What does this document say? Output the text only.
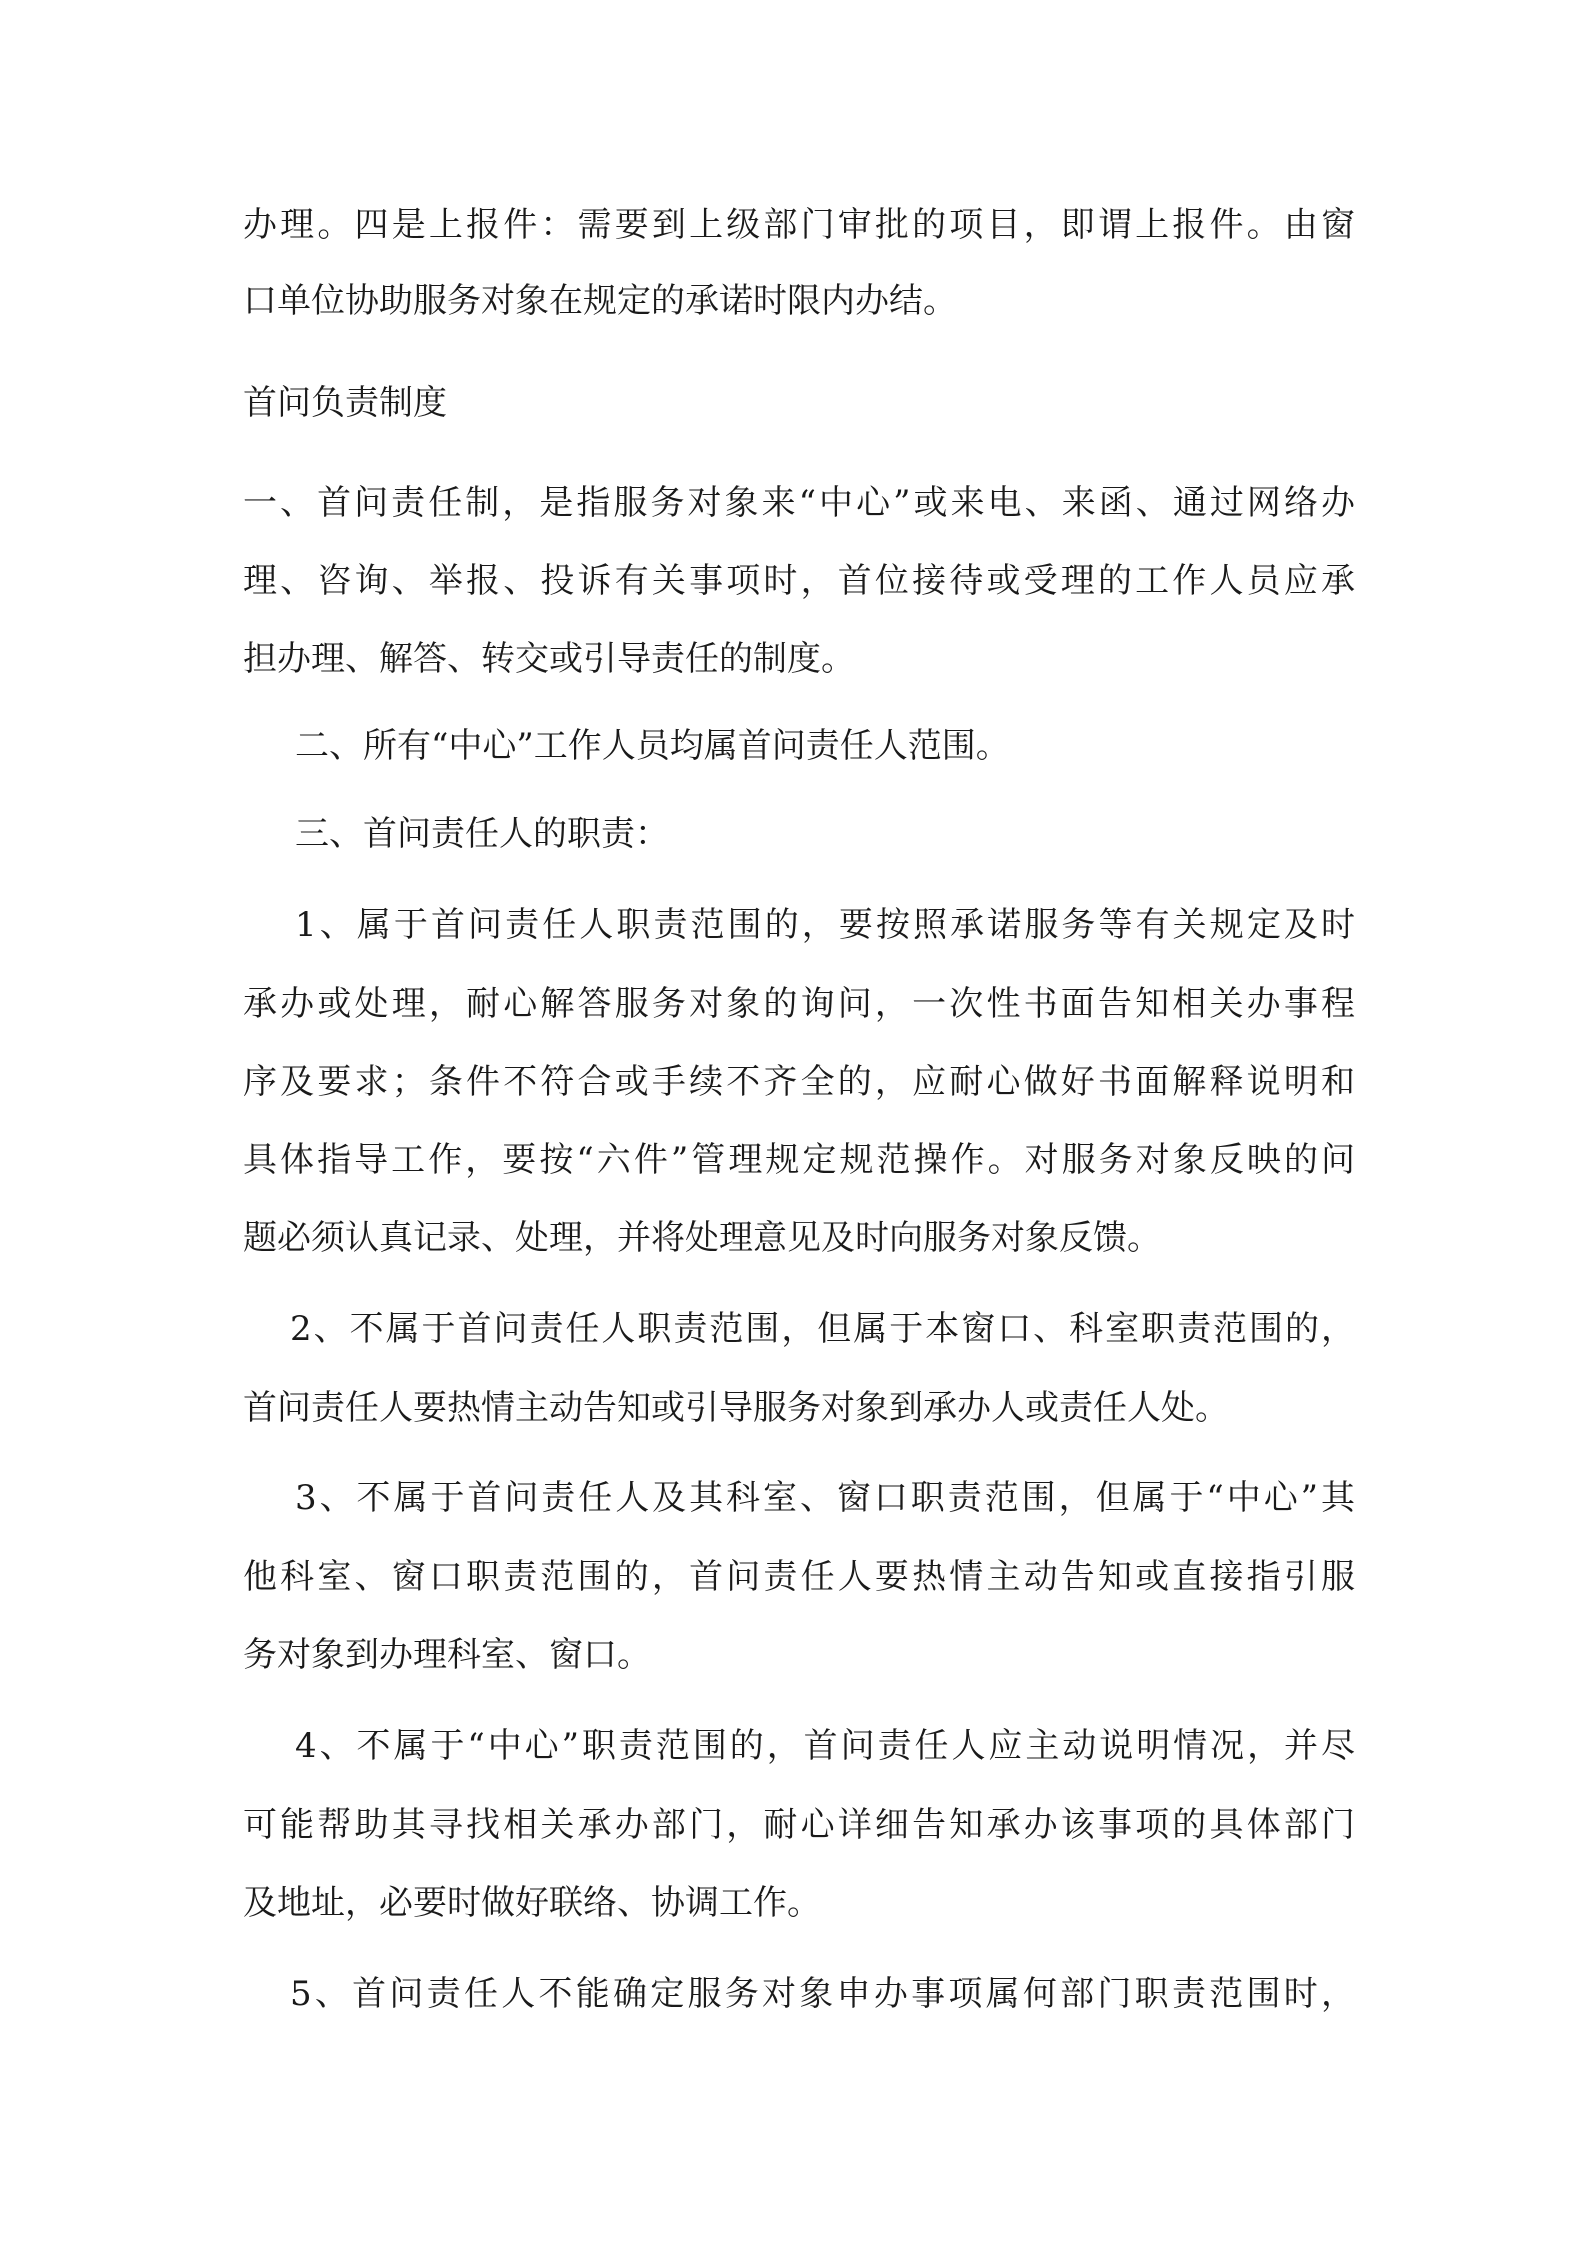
办理。四是上报件：需要到上级部门审批的项目，即谓上报件。由窗
口单位协助服务对象在规定的承诺时限内办结。
首问负责制度
一、首问责任制，是指服务对象来“中心”或来电、来函、通过网络办
理、咨询、举报、投诉有关事项时，首位接待或受理的工作人员应承
担办理、解答、转交或引导责任的制度。
二、所有“中心”工作人员均属首问责任人范围。
三、首问责任人的职责：
1、属于首问责任人职责范围的，要按照承诺服务等有关规定及时
承办或处理，耐心解答服务对象的询问，一次性书面告知相关办事程
序及要求；条件不符合或手续不齐全的，应耐心做好书面解释说明和
具体指导工作，要按“六件”管理规定规范操作。对服务对象反映的问
题必须认真记录、处理，并将处理意见及时向服务对象反馈。
2、不属于首问责任人职责范围，但属于本窗口、科室职责范围的，
首问责任人要热情主动告知或引导服务对象到承办人或责任人处。
3、不属于首问责任人及其科室、窗口职责范围，但属于“中心”其
他科室、窗口职责范围的，首问责任人要热情主动告知或直接指引服
务对象到办理科室、窗口。
4、不属于“中心”职责范围的，首问责任人应主动说明情况，并尽
可能帮助其寻找相关承办部门，耐心详细告知承办该事项的具体部门
及地址，必要时做好联络、协调工作。
5、首问责任人不能确定服务对象申办事项属何部门职责范围时，
